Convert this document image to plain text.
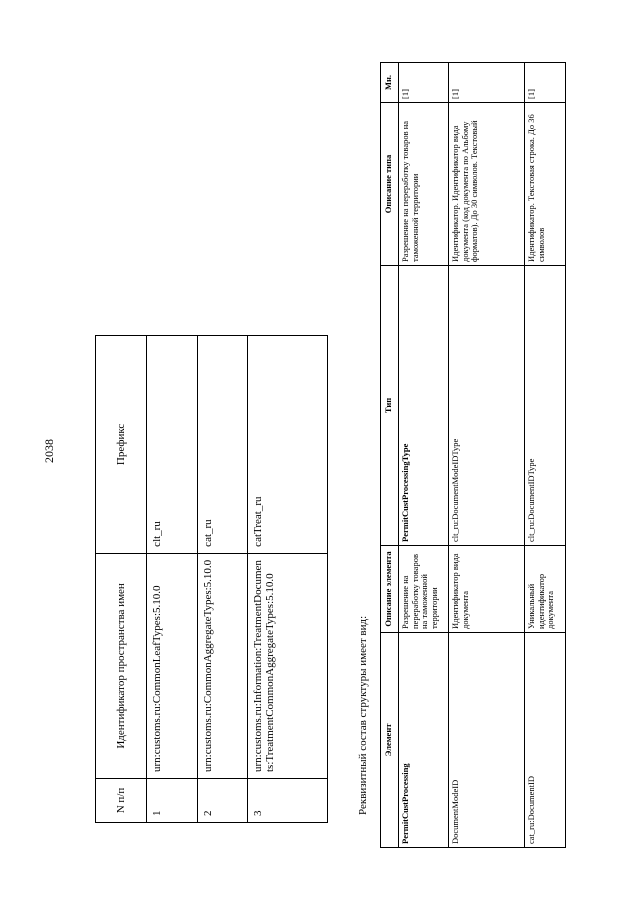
2038
N п/п	Идентификатор пространства имен	Префикс
1	urn:customs.ru:CommonLeafTypes:5.10.0	clt_ru
2	urn:customs.ru:CommonAggregateTypes:5.10.0	cat_ru
3	urn:customs.ru:Information:TreatmentDocuments:TreatmentCommonAggregateTypes:5.10.0	catTreat_ru
Реквизитный состав структуры имеет вид: Элемент	Описание элемента	Тип	Описание типа	Мн.
PermitCustProcessing	Разрешение на переработку товаров на таможенной территории	PermitCustProcessingType	Разрешение на переработку товаров на таможенной территории	[1]
DocumentModeID	Идентификатор вида документа	clt_ru:DocumentModeIDType	Идентификатор. Идентификатор вида документа (код документа по Альбому форматов). До 30 символов. Текстовый	[1]
cat_ru:DocumentID	Уникальный идентификатор документа	clt_ru:DocumentIDType	Идентификатор. Текстовая строка. До 36 символов	[1]
